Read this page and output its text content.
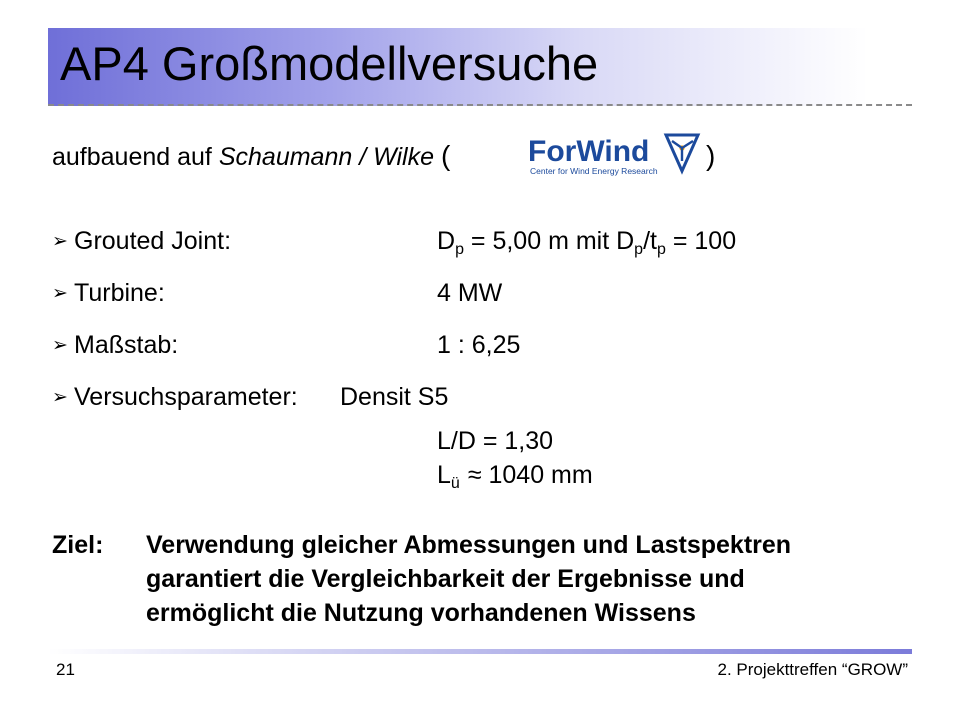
AP4 Großmodellversuche
aufbauend auf Schaumann / Wilke (	ForWind
Center for Wind Energy Research )
➢ Grouted Joint:	$D_p = 5,00$ m mit $D_p/t_p = 100$
➢ Turbine:	4 MW
➢ Maßstab:	1 : 6,25
➢ Versuchsparameter: Densit S5
L/D = 1,30
$L_ü \approx 1040$ mm
Ziel: Verwendung gleicher Abmessungen und Lastspektren
garantiert die Vergleichbarkeit der Ergebnisse und
ermöglicht die Nutzung vorhandenen Wissens
21	2. Projekttreffen “GROW”
